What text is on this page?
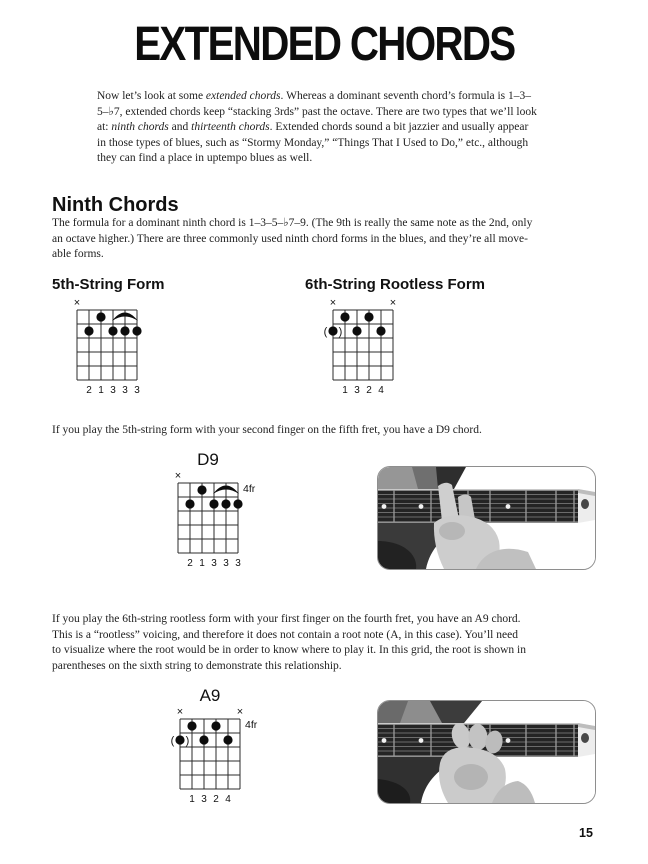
EXTENDED CHORDS
Now let’s look at some extended chords. Whereas a dominant seventh chord’s formula is 1–3–
5–♭7, extended chords keep “stacking 3rds” past the octave. There are two types that we’ll look
at: ninth chords and thirteenth chords. Extended chords sound a bit jazzier and usually appear
in those types of blues, such as “Stormy Monday,” “Things That I Used to Do,” etc., although
they can find a place in uptempo blues as well.
Ninth Chords
The formula for a dominant ninth chord is 1–3–5–♭7–9. (The 9th is really the same note as the 2nd, only
an octave higher.) There are three commonly used ninth chord forms in the blues, and they’re all move-
able forms.
5th-String Form	6th-String Rootless Form
×
2 1 3 3 3
×	×
( )
1 3 2 4
If you play the 5th-string form with your second finger on the fifth fret, you have a D9 chord.
D9
×
4fr
2 1 3 3 3
If you play the 6th-string rootless form with your first finger on the fourth fret, you have an A9 chord.
This is a “rootless” voicing, and therefore it does not contain a root note (A, in this case). You’ll need
to visualize where the root would be in order to know where to play it. In this grid, the root is shown in
parentheses on the sixth string to demonstrate this relationship.
A9
×	×
( )
4fr
1 3 2 4
15
